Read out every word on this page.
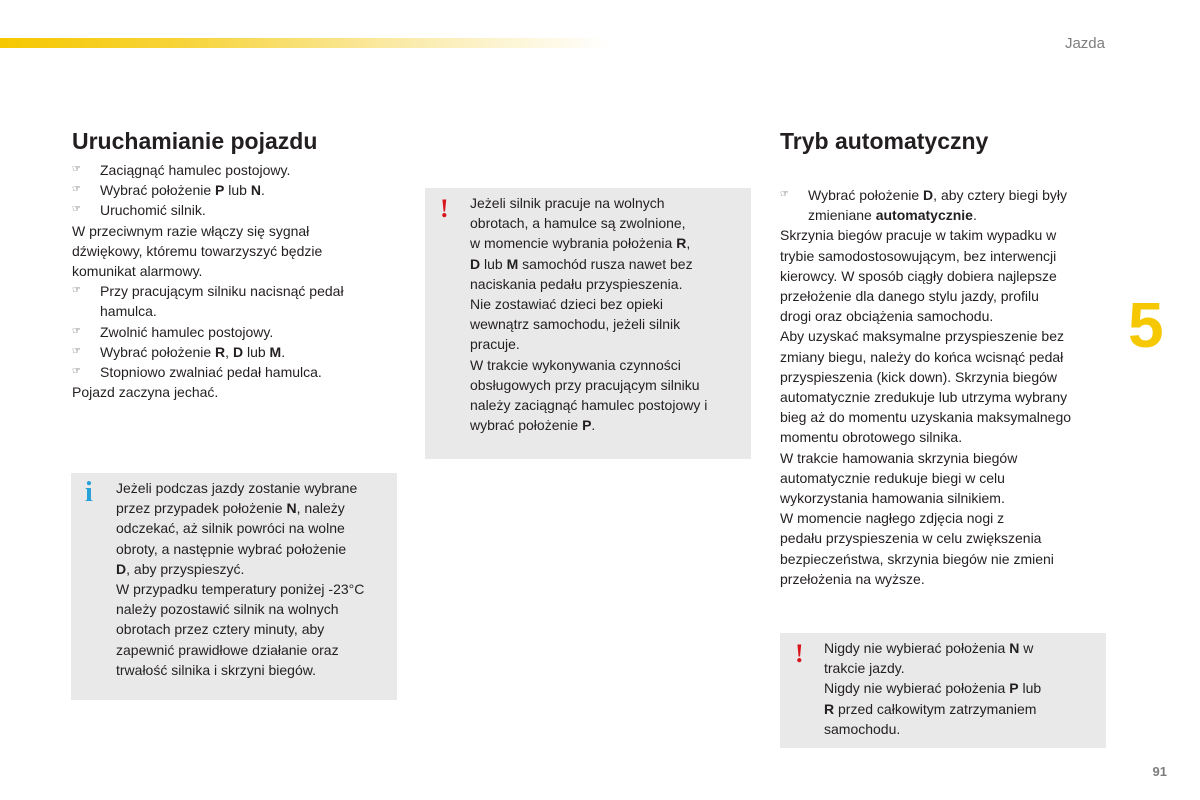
Jazda
5
91
Uruchamianie pojazdu
☞ Zaciągnąć hamulec postojowy.
☞ Wybrać położenie P lub N.
☞ Uruchomić silnik.
W przeciwnym razie włączy się sygnał
dźwiękowy, któremu towarzyszyć będzie
komunikat alarmowy.
☞ Przy pracującym silniku nacisnąć pedał
hamulca.
☞ Zwolnić hamulec postojowy.
☞ Wybrać położenie R, D lub M.
☞ Stopniowo zwalniać pedał hamulca.
Pojazd zaczyna jechać.
i Jeżeli podczas jazdy zostanie wybrane
przez przypadek położenie N, należy
odczekać, aż silnik powróci na wolne
obroty, a następnie wybrać położenie
D, aby przyspieszyć.
W przypadku temperatury poniżej -23°C
należy pozostawić silnik na wolnych
obrotach przez cztery minuty, aby
zapewnić prawidłowe działanie oraz
trwałość silnika i skrzyni biegów.
! Jeżeli silnik pracuje na wolnych
obrotach, a hamulce są zwolnione,
w momencie wybrania położenia R,
D lub M samochód rusza nawet bez
naciskania pedału przyspieszenia.
Nie zostawiać dzieci bez opieki
wewnątrz samochodu, jeżeli silnik
pracuje.
W trakcie wykonywania czynności
obsługowych przy pracującym silniku
należy zaciągnąć hamulec postojowy i
wybrać położenie P.
Tryb automatyczny
☞ Wybrać położenie D, aby cztery biegi były
zmieniane automatycznie.
Skrzynia biegów pracuje w takim wypadku w
trybie samodostosowującym, bez interwencji
kierowcy. W sposób ciągły dobiera najlepsze
przełożenie dla danego stylu jazdy, profilu
drogi oraz obciążenia samochodu.
Aby uzyskać maksymalne przyspieszenie bez
zmiany biegu, należy do końca wcisnąć pedał
przyspieszenia (kick down). Skrzynia biegów
automatycznie zredukuje lub utrzyma wybrany
bieg aż do momentu uzyskania maksymalnego
momentu obrotowego silnika.
W trakcie hamowania skrzynia biegów
automatycznie redukuje biegi w celu
wykorzystania hamowania silnikiem.
W momencie nagłego zdjęcia nogi z
pedału przyspieszenia w celu zwiększenia
bezpieczeństwa, skrzynia biegów nie zmieni
przełożenia na wyższe.
! Nigdy nie wybierać położenia N w
trakcie jazdy.
Nigdy nie wybierać położenia P lub
R przed całkowitym zatrzymaniem
samochodu.
